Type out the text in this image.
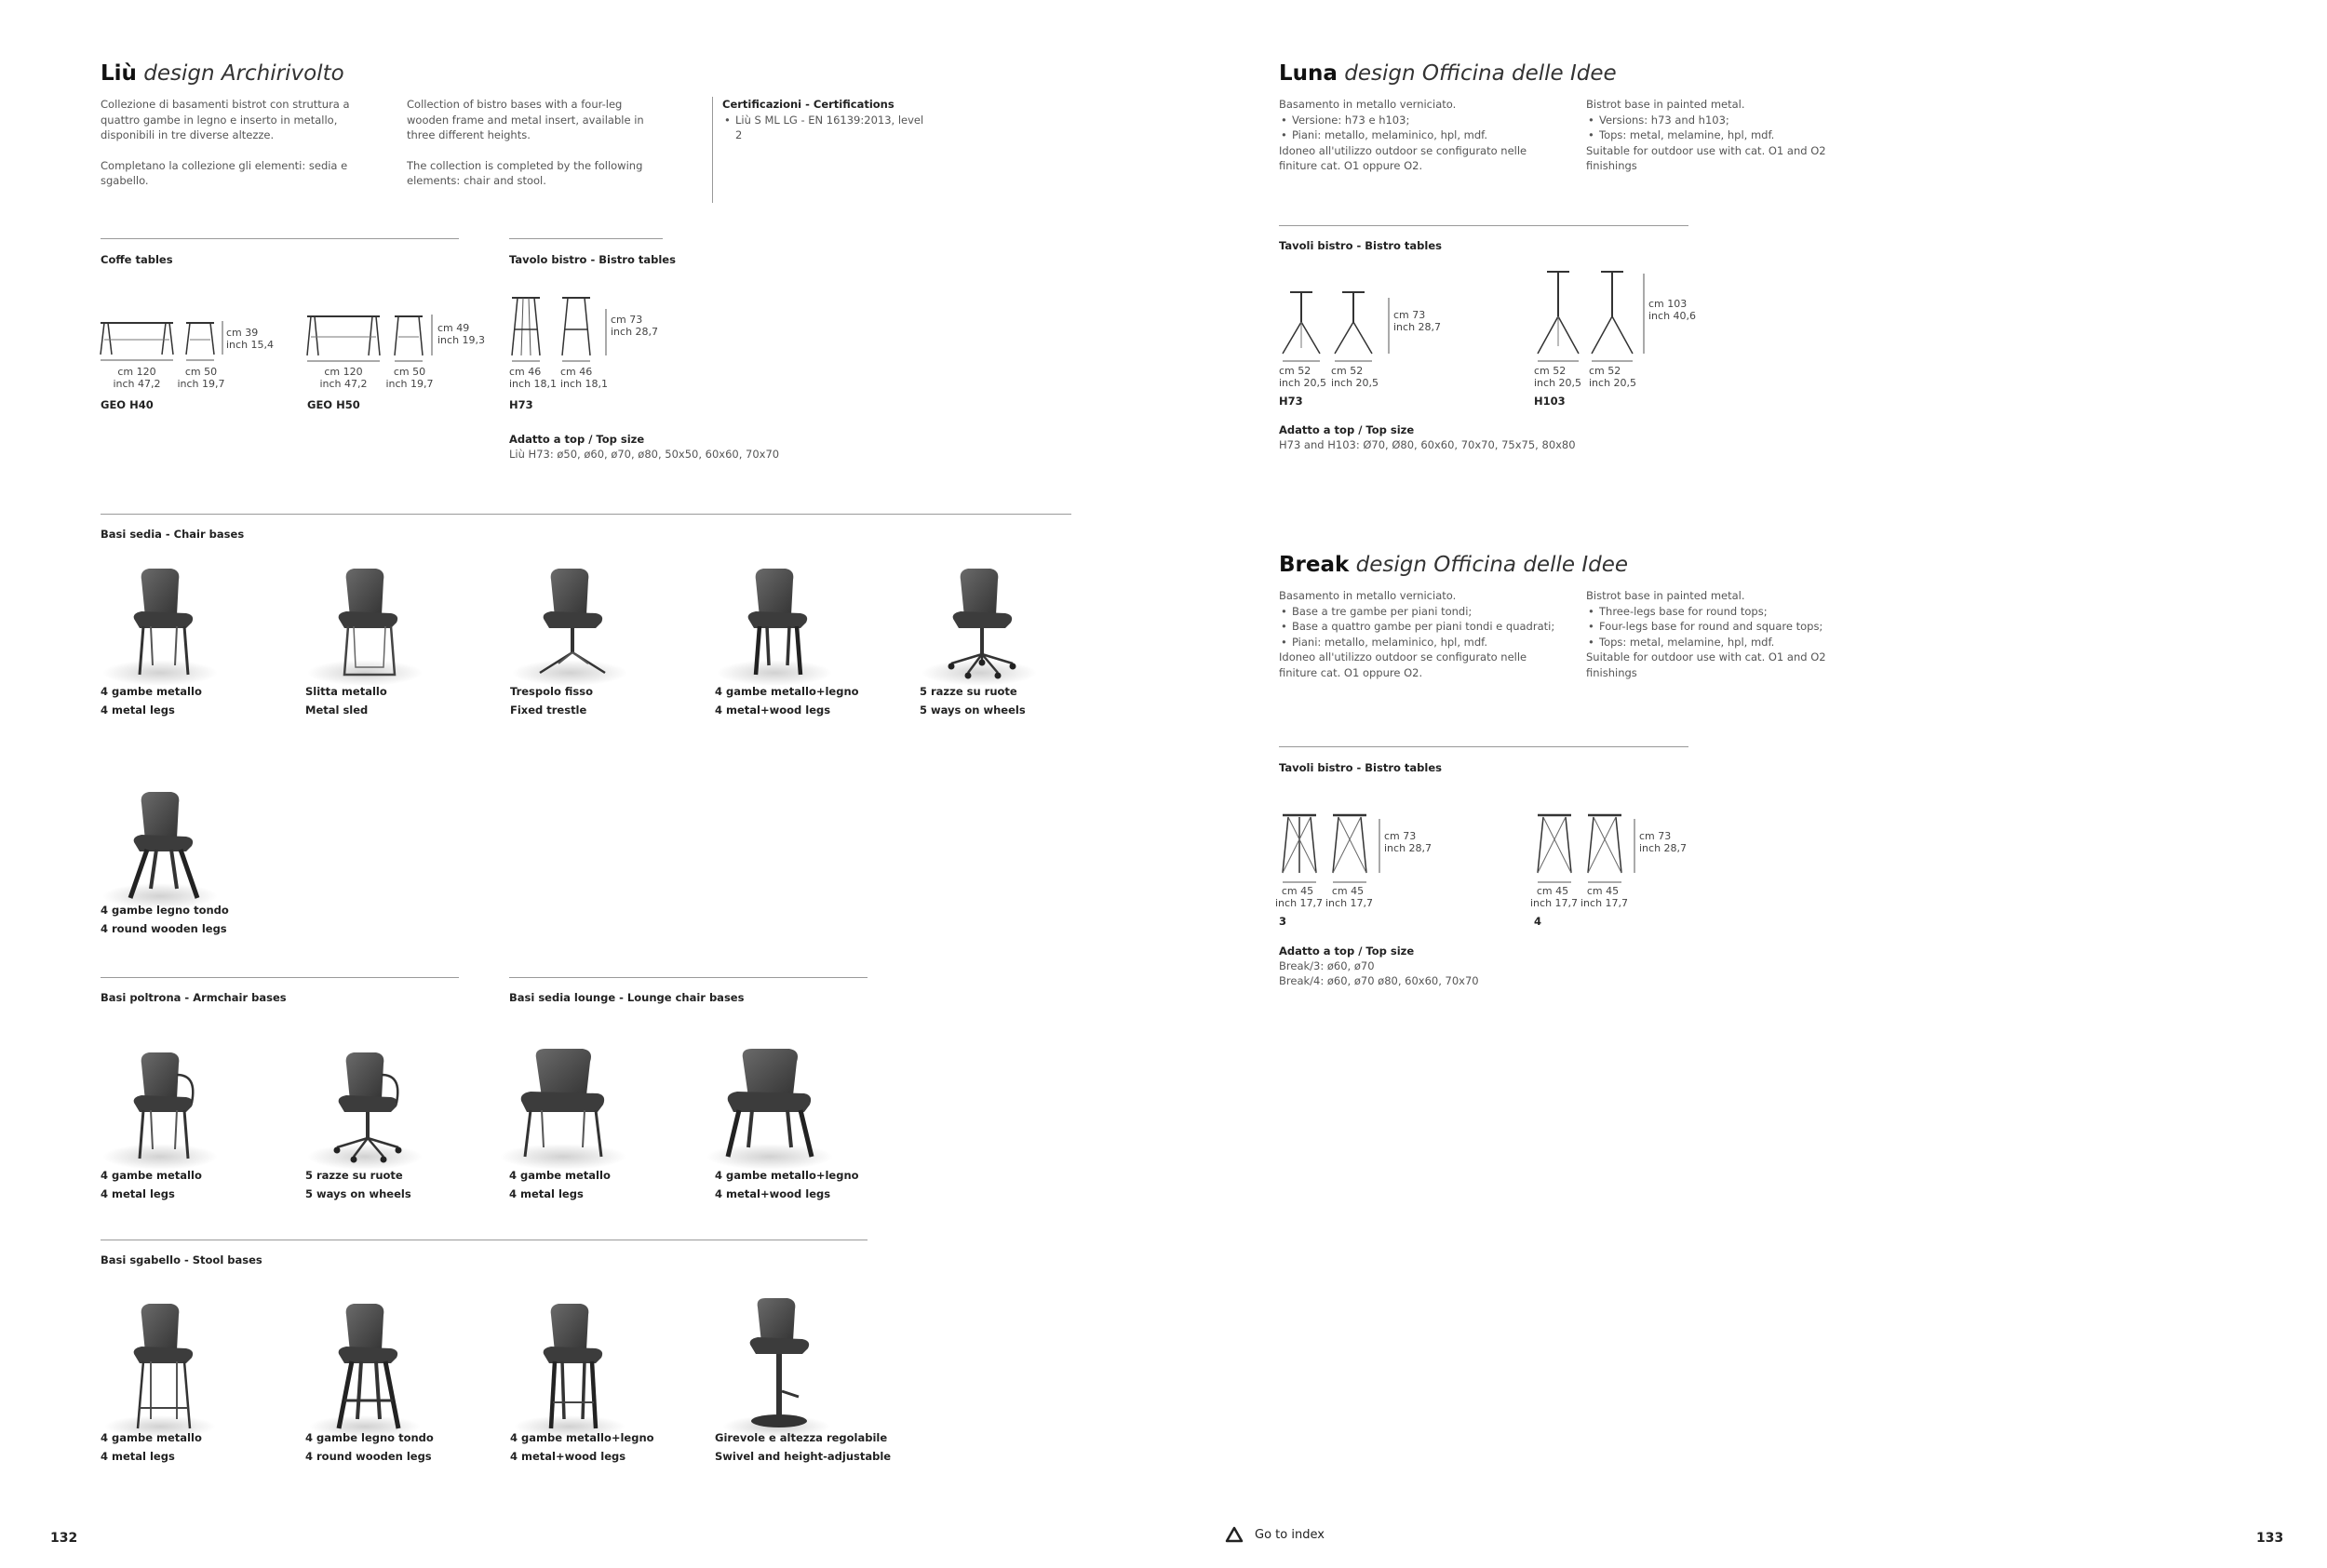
Liù design Archirivolto

Collezione di basamenti bistrot con struttura a quattro gambe in legno e inserto in metallo, disponibili in tre diverse altezze.

Completano la collezione gli elementi: sedia e sgabello.

Collection of bistro bases with a four-leg wooden frame and metal insert, available in three different heights.

The collection is completed by the following elements: chair and stool.

Certificazioni - Certifications
• Liù S ML LG - EN 16139:2013, level 2
Coffe tables
cm 39
inch 15,4
cm 120
inch 47,2
cm 50
inch 19,7
GEO H40
cm 49
inch 19,3
cm 120
inch 47,2
cm 50
inch 19,7
GEO H50
Tavolo bistro - Bistro tables
cm 73
inch 28,7
cm 46
inch 18,1
cm 46
inch 18,1
H73
Adatto a top / Top size
Liù H73: ø50, ø60, ø70, ø80, 50x50, 60x60, 70x70
Basi sedia - Chair bases
4 gambe metallo
4 metal legs
Slitta metallo
Metal sled
Trespolo fisso
Fixed trestle
4 gambe metallo+legno
4 metal+wood legs
5 razze su ruote
5 ways on wheels
4 gambe legno tondo
4 round wooden legs
Basi poltrona - Armchair bases
4 gambe metallo
4 metal legs
5 razze su ruote
5 ways on wheels
Basi sedia lounge - Lounge chair bases
4 gambe metallo
4 metal legs
4 gambe metallo+legno
4 metal+wood legs
Basi sgabello - Stool bases
4 gambe metallo
4 metal legs
4 gambe legno tondo
4 round wooden legs
4 gambe metallo+legno
4 metal+wood legs
Girevole e altezza regolabile
Swivel and height-adjustable
Luna design Officina delle Idee
Basamento in metallo verniciato.
• Versione: h73 e h103;
• Piani: metallo, melaminico, hpl, mdf.
Idoneo all'utilizzo outdoor se configurato nelle finiture cat. O1 oppure O2.
Bistrot base in painted metal.
• Versions: h73 and h103;
• Tops: metal, melamine, hpl, mdf.
Suitable for outdoor use with cat. O1 and O2 finishings
Tavoli bistro - Bistro tables
cm 73
inch 28,7
cm 52
inch 20,5
cm 52
inch 20,5
H73
cm 103
inch 40,6
cm 52
inch 20,5
cm 52
inch 20,5
H103
Adatto a top / Top size
H73 and H103: Ø70, Ø80, 60x60, 70x70, 75x75, 80x80
Break design Officina delle Idee
Basamento in metallo verniciato.
• Base a tre gambe per piani tondi;
• Base a quattro gambe per piani tondi e quadrati;
• Piani: metallo, melaminico, hpl, mdf.
Idoneo all'utilizzo outdoor se configurato nelle finiture cat. O1 oppure O2.
Bistrot base in painted metal.
• Three-legs base for round tops;
• Four-legs base for round and square tops;
• Tops: metal, melamine, hpl, mdf.
Suitable for outdoor use with cat. O1 and O2 finishings
Tavoli bistro - Bistro tables
cm 73
inch 28,7
cm 45
inch 17,7
cm 45
inch 17,7
3
cm 73
inch 28,7
cm 45
inch 17,7
cm 45
inch 17,7
4
Adatto a top / Top size
Break/3: ø60, ø70
Break/4: ø60, ø70 ø80, 60x60, 70x70
132	133
Go to index
